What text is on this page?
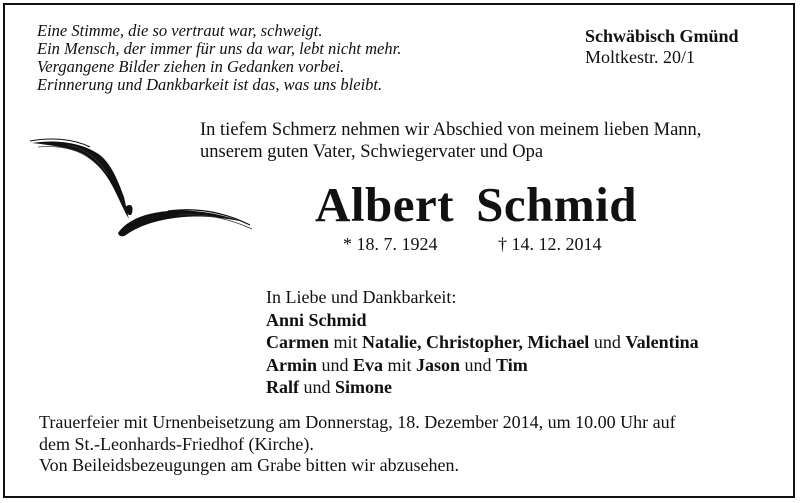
Eine Stimme, die so vertraut war, schweigt.
Ein Mensch, der immer für uns da war, lebt nicht mehr.
Vergangene Bilder ziehen in Gedanken vorbei.
Erinnerung und Dankbarkeit ist das, was uns bleibt.
Schwäbisch Gmünd
Moltkestr. 20/1
In tiefem Schmerz nehmen wir Abschied von meinem lieben Mann,
unserem guten Vater, Schwiegervater und Opa
Albert Schmid
* 18. 7. 1924	† 14. 12. 2014
In Liebe und Dankbarkeit:
Anni Schmid
Carmen mit Natalie, Christopher, Michael und Valentina
Armin und Eva mit Jason und Tim
Ralf und Simone
Trauerfeier mit Urnenbeisetzung am Donnerstag, 18. Dezember 2014, um 10.00 Uhr auf
dem St.-Leonhards-Friedhof (Kirche).
Von Beileidsbezeugungen am Grabe bitten wir abzusehen.
